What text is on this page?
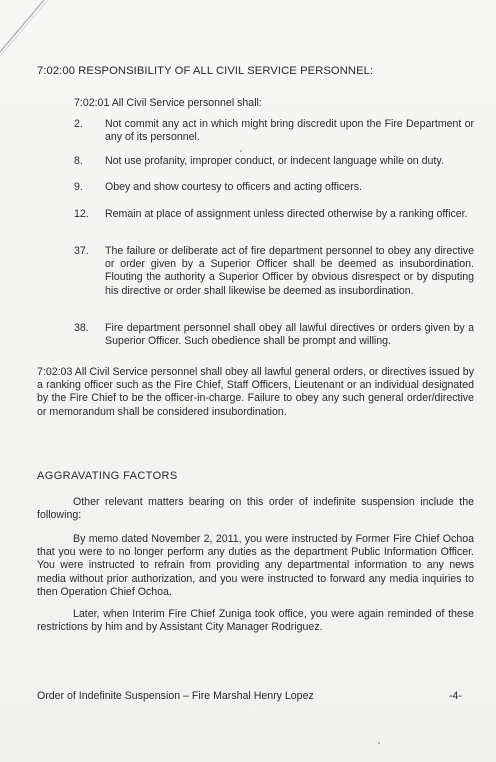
7:02:00 RESPONSIBILITY OF ALL CIVIL SERVICE PERSONNEL:
7:02:01 All Civil Service personnel shall:
2.	Not commit any act in which might bring discredit upon the Fire Department or any of its personnel.
8.	Not use profanity, improper conduct, or indecent language while on duty.
9.	Obey and show courtesy to officers and acting officers.
12.	Remain at place of assignment unless directed otherwise by a ranking officer.
37.	The failure or deliberate act of fire department personnel to obey any directive or order given by a Superior Officer shall be deemed as insubordination. Flouting the authority a Superior Officer by obvious disrespect or by disputing his directive or order shall likewise be deemed as insubordination.
38.	Fire department personnel shall obey all lawful directives or orders given by a Superior Officer. Such obedience shall be prompt and willing.
7:02:03 All Civil Service personnel shall obey all lawful general orders, or directives issued by a ranking officer such as the Fire Chief, Staff Officers, Lieutenant or an individual designated by the Fire Chief to be the officer-in-charge. Failure to obey any such general order/directive or memorandum shall be considered insubordination.
AGGRAVATING FACTORS
Other relevant matters bearing on this order of indefinite suspension include the following:
By memo dated November 2, 2011, you were instructed by Former Fire Chief Ochoa that you were to no longer perform any duties as the department Public Information Officer. You were instructed to refrain from providing any departmental information to any news media without prior authorization, and you were instructed to forward any media inquiries to then Operation Chief Ochoa.
Later, when Interim Fire Chief Zuniga took office, you were again reminded of these restrictions by him and by Assistant City Manager Rodriguez.
Order of Indefinite Suspension – Fire Marshal Henry Lopez	-4-
